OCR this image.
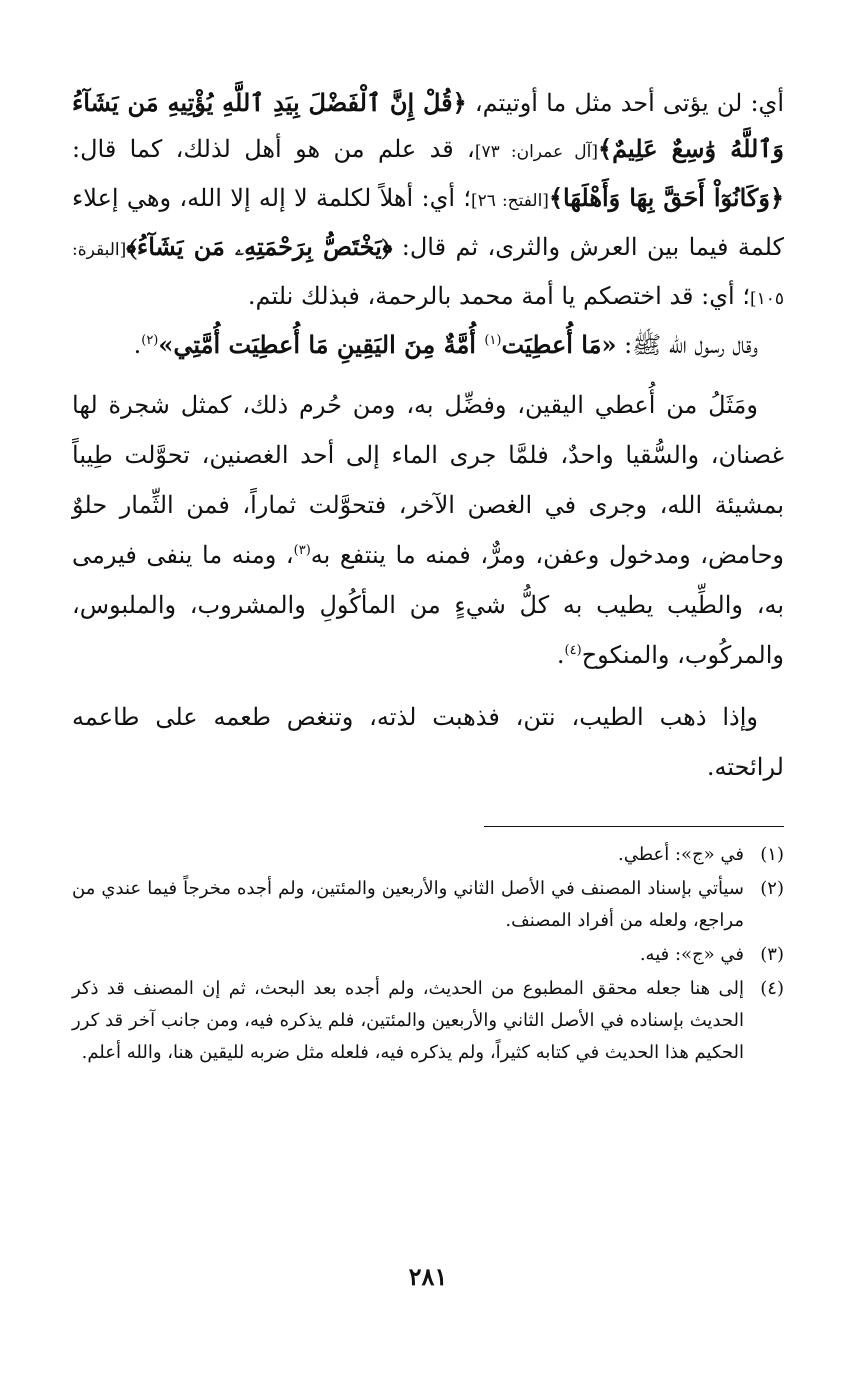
أي: لن يؤتى أحد مثل ما أوتيتم، ﴿قُلْ إِنَّ ٱلْفَضْلَ بِيَدِ ٱللَّهِ يُؤْتِيهِ مَن يَشَآءُ وَٱللَّهُ وَٰسِعٌ عَلِيمٌ﴾[آل عمران: ٧٣]، قد علم من هو أهل لذلك، كما قال: ﴿وَكَانُوٓاْ أَحَقَّ بِهَا وَأَهْلَهَا﴾[الفتح: ٢٦]؛ أي: أهلاً لكلمة لا إله إلا الله، وهي إعلاء كلمة فيما بين العرش والثرى، ثم قال: ﴿يَخْتَصُّ بِرَحْمَتِهِۦ مَن يَشَآءُ﴾[البقرة: ١٠٥]؛ أي: قد اختصكم يا أمة محمد بالرحمة، فبذلك نلتم.

وقال رسول الله ﷺ: «مَا أُعطِيَت$^{(١)}$ أُمَّةٌ مِنَ اليَقِينِ مَا أُعطِيَت أُمَّتِي»$^{(٢)}$.

ومَثَلُ من أُعطي اليقين، وفضِّل به، ومن حُرم ذلك، كمثل شجرة لها غصنان، والسُّقيا واحدٌ، فلمَّا جرى الماء إلى أحد الغصنين، تحوَّلت طِيباً بمشيئة الله، وجرى في الغصن الآخر، فتحوَّلت ثماراً، فمن الثِّمار حلوٌ وحامض، ومدخول وعفن، ومرٌّ، فمنه ما ينتفع به$^{(٣)}$، ومنه ما ينفى فيرمى به، والطِّيب يطيب به كلُّ شيءٍ من المأكُولِ والمشروب، والملبوس، والمركُوب، والمنكوح$^{(٤)}$.

وإذا ذهب الطيب، نتن، فذهبت لذته، وتنغص طعمه على طاعمه لرائحته.

(١)
في «ج»: أعطي.
(٢)
سيأتي بإسناد المصنف في الأصل الثاني والأربعين والمئتين، ولم أجده مخرجاً فيما عندي من مراجع، ولعله من أفراد المصنف.
(٣)
في «ج»: فيه.
(٤)
إلى هنا جعله محقق المطبوع من الحديث، ولم أجده بعد البحث، ثم إن المصنف قد ذكر الحديث بإسناده في الأصل الثاني والأربعين والمئتين، فلم يذكره فيه، ومن جانب آخر قد كرر الحكيم هذا الحديث في كتابه كثيراً، ولم يذكره فيه، فلعله مثل ضربه لليقين هنا، والله أعلم.
٢٨١
